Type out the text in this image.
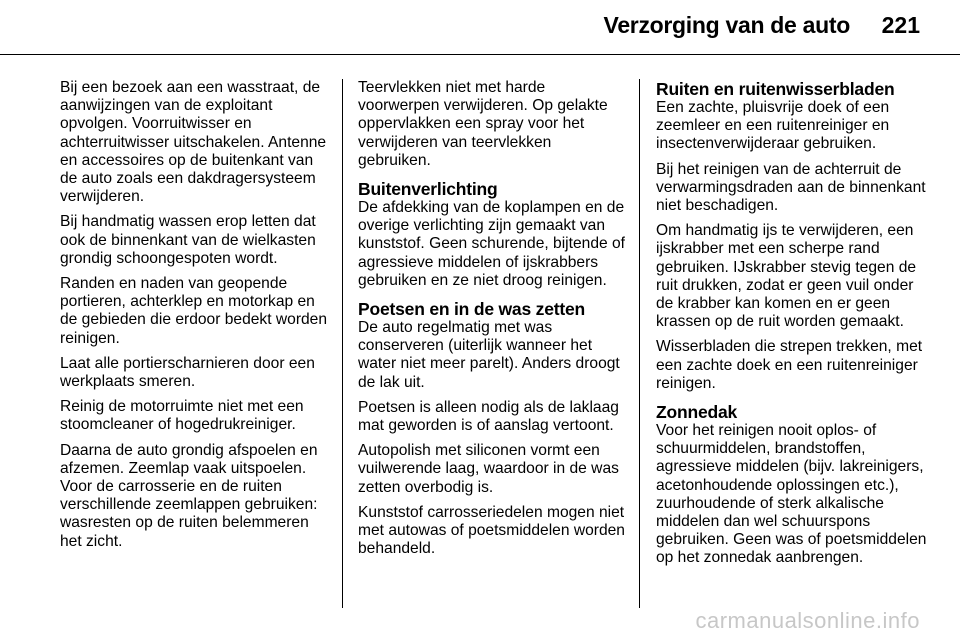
Verzorging van de auto 221

Bij een bezoek aan een wasstraat, de aanwijzingen van de exploitant opvolgen. Voorruitwisser en achterruitwisser uitschakelen. Antenne en accessoires op de buitenkant van de auto zoals een dakdragersysteem verwijderen.

Bij handmatig wassen erop letten dat ook de binnenkant van de wielkasten grondig schoongespoten wordt.

Randen en naden van geopende portieren, achterklep en motorkap en de gebieden die erdoor bedekt worden reinigen.

Laat alle portierscharnieren door een werkplaats smeren.

Reinig de motorruimte niet met een stoomcleaner of hogedrukreiniger.

Daarna de auto grondig afspoelen en afzemen. Zeemlap vaak uitspoelen. Voor de carrosserie en de ruiten verschillende zeemlappen gebruiken: wasresten op de ruiten belemmeren het zicht.

Teervlekken niet met harde voorwerpen verwijderen. Op gelakte oppervlakken een spray voor het verwijderen van teervlekken gebruiken.

Buitenverlichting

De afdekking van de koplampen en de overige verlichting zijn gemaakt van kunststof. Geen schurende, bijtende of agressieve middelen of ijskrabbers gebruiken en ze niet droog reinigen.

Poetsen en in de was zetten

De auto regelmatig met was conserveren (uiterlijk wanneer het water niet meer parelt). Anders droogt de lak uit.

Poetsen is alleen nodig als de laklaag mat geworden is of aanslag vertoont.

Autopolish met siliconen vormt een vuilwerende laag, waardoor in de was zetten overbodig is.

Kunststof carrosseriedelen mogen niet met autowas of poetsmiddelen worden behandeld.

Ruiten en ruitenwisserbladen

Een zachte, pluisvrije doek of een zeemleer en een ruitenreiniger en insectenverwijderaar gebruiken.

Bij het reinigen van de achterruit de verwarmingsdraden aan de binnenkant niet beschadigen.

Om handmatig ijs te verwijderen, een ijskrabber met een scherpe rand gebruiken. IJskrabber stevig tegen de ruit drukken, zodat er geen vuil onder de krabber kan komen en er geen krassen op de ruit worden gemaakt.

Wisserbladen die strepen trekken, met een zachte doek en een ruitenreiniger reinigen.

Zonnedak

Voor het reinigen nooit oplos- of schuurmiddelen, brandstoffen, agressieve middelen (bijv. lakreinigers, acetonhoudende oplossingen etc.), zuurhoudende of sterk alkalische middelen dan wel schuurspons gebruiken. Geen was of poetsmiddelen op het zonnedak aanbrengen.

carmanualsonline.info
